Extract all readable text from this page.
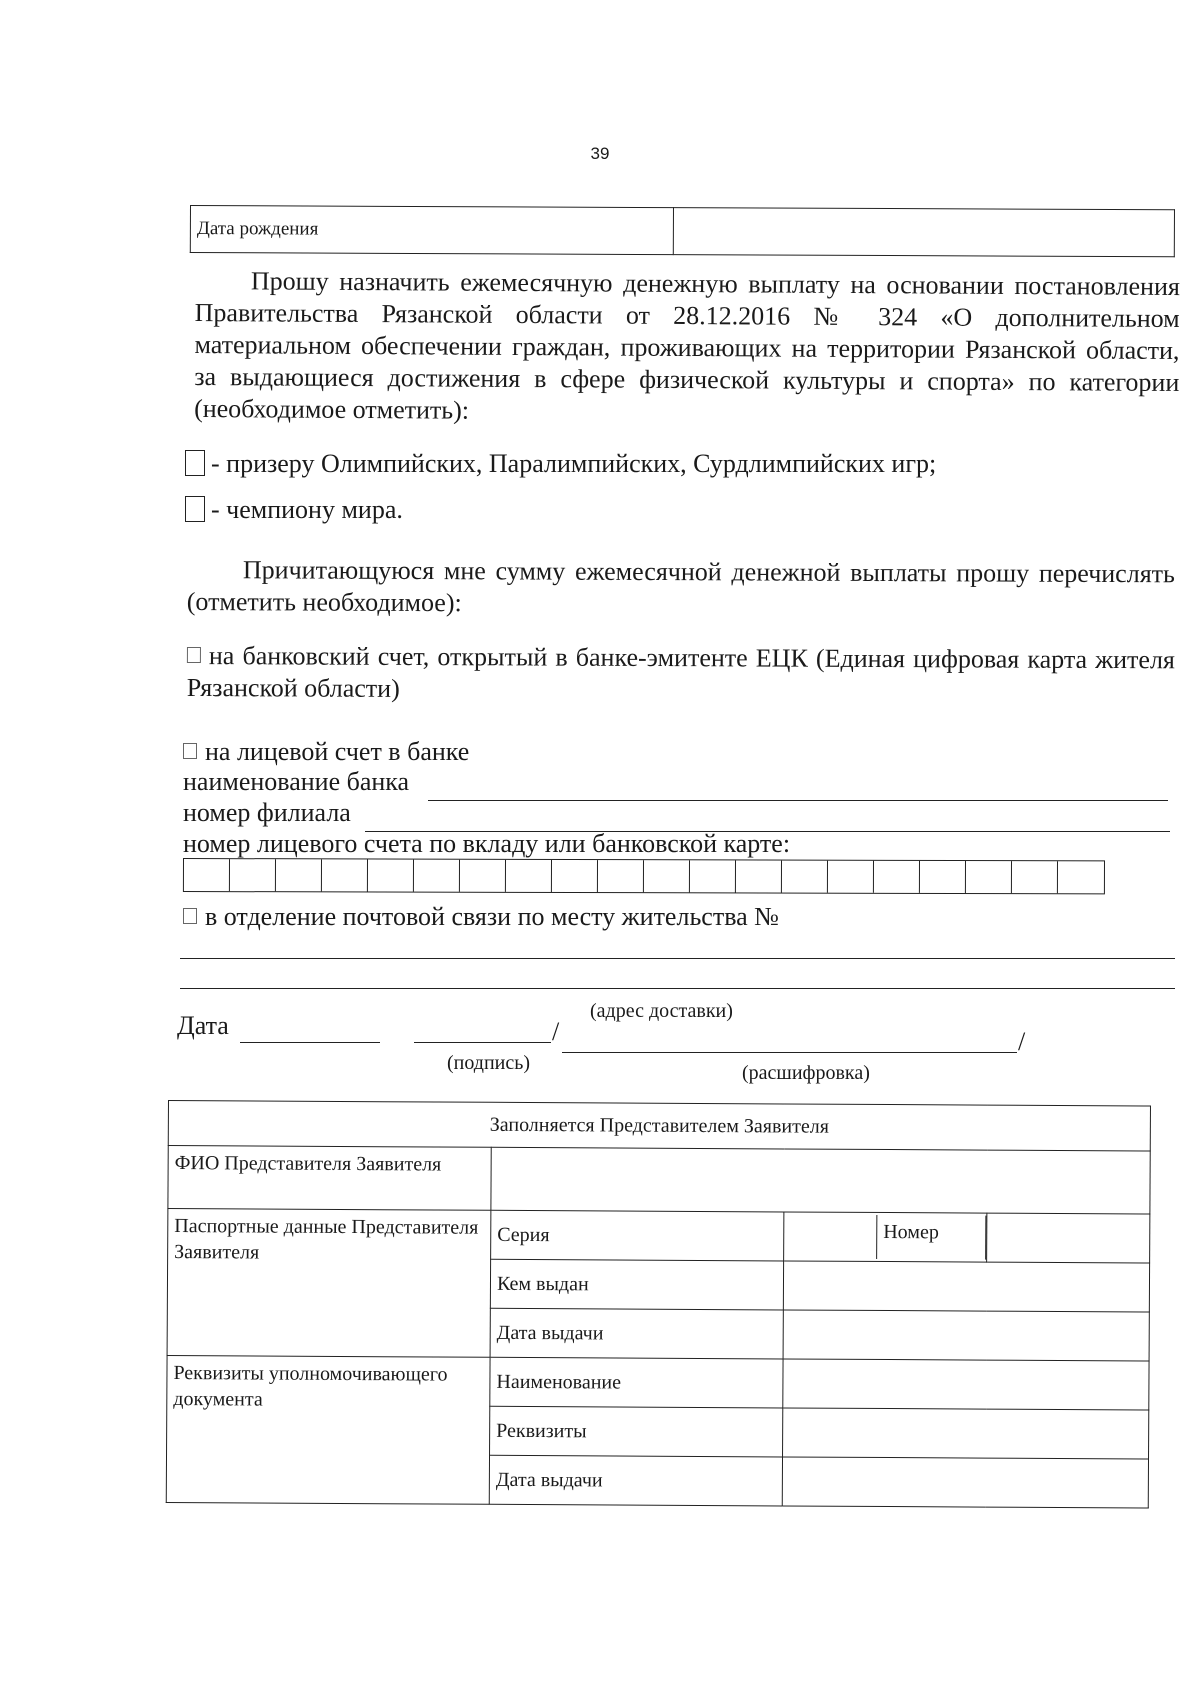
39
Дата рождения	
Прошу назначить ежемесячную денежную выплату на основании постановления Правительства Рязанской области от 28.12.2016 № 324 «О дополнительном материальном обеспечении граждан, проживающих на территории Рязанской области, за выдающиеся достижения в сфере физической культуры и спорта» по категории (необходимое отметить):
- призеру Олимпийских, Паралимпийских, Сурдлимпийских игр;
- чемпиону мира.
Причитающуюся мне сумму ежемесячной денежной выплаты прошу перечислять (отметить необходимое):
на банковский счет, открытый в банке-эмитенте ЕЦК (Единая цифровая карта жителя Рязанской области)
на лицевой счет в банке
наименование банка
номер филиала
номер лицевого счета по вкладу или банковской карте:
в отделение почтовой связи по месту жительства №
(адрес доставки)
Дата	/	/
(подпись)	(расшифровка)
Заполняется Представителем Заявителя			
ФИО Представителя Заявителя			
Паспортные данные Представителя Заявителя	Серия	Номер	

	Кем выдан		
	Дата выдачи		
Реквизиты уполномочивающего документа	Наименование		
	Реквизиты		
	Дата выдачи		
